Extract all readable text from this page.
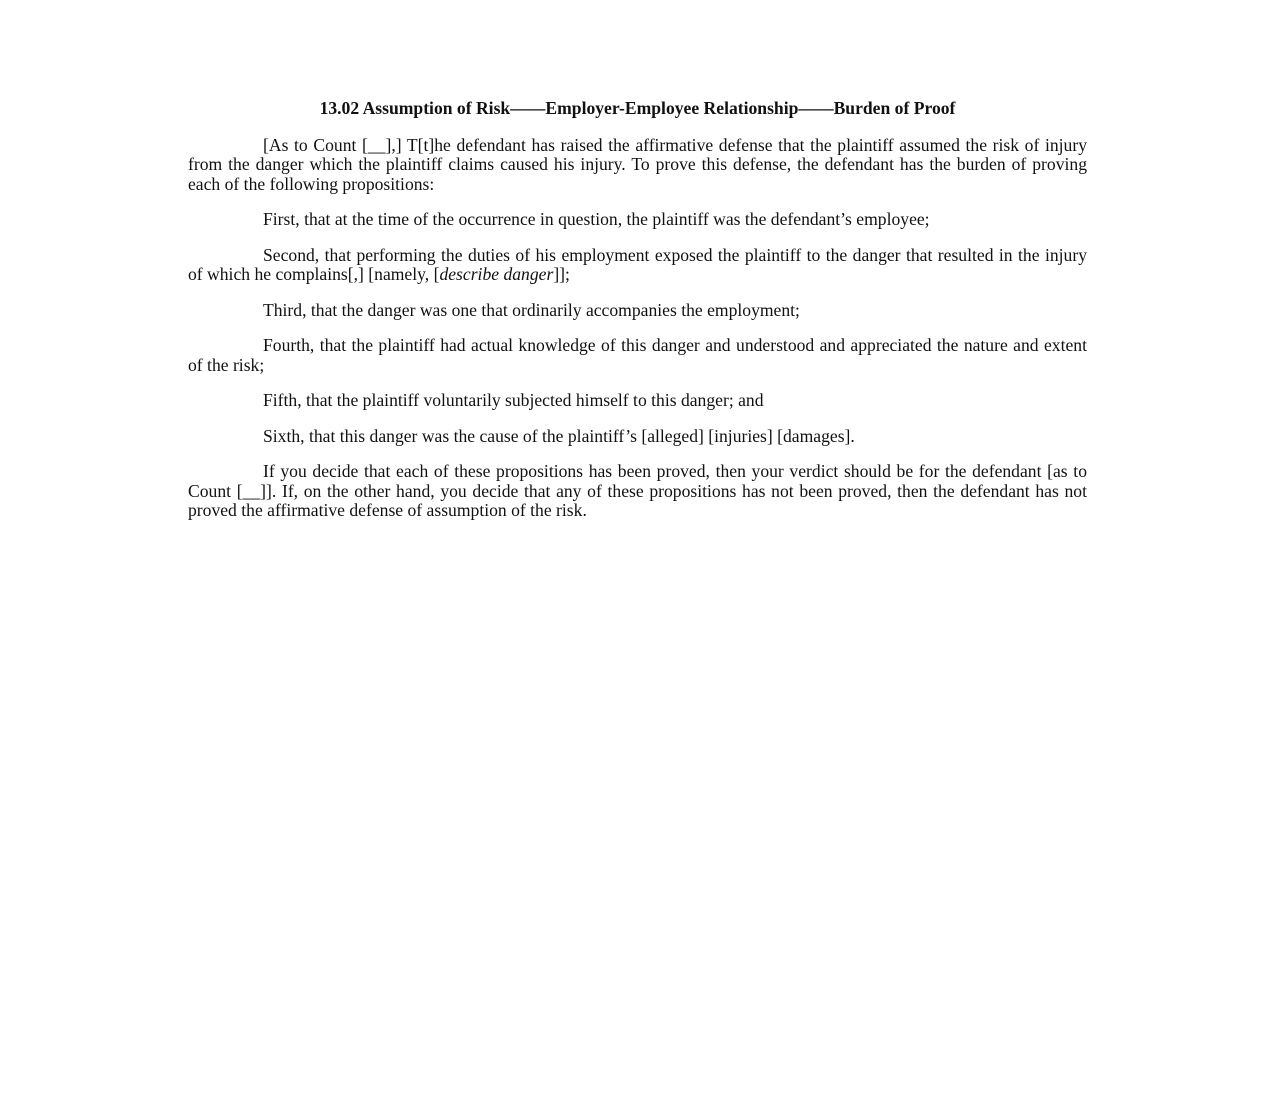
13.02 Assumption of Risk——Employer-Employee Relationship——Burden of Proof

[As to Count [__],] T[t]he defendant has raised the affirmative defense that the plaintiff assumed the risk of injury from the danger which the plaintiff claims caused his injury. To prove this defense, the defendant has the burden of proving each of the following propositions:

First, that at the time of the occurrence in question, the plaintiff was the defendant’s employee;

Second, that performing the duties of his employment exposed the plaintiff to the danger that resulted in the injury of which he complains[,] [namely, [describe danger]];

Third, that the danger was one that ordinarily accompanies the employment;

Fourth, that the plaintiff had actual knowledge of this danger and understood and appreciated the nature and extent of the risk;

Fifth, that the plaintiff voluntarily subjected himself to this danger; and

Sixth, that this danger was the cause of the plaintiff’s [alleged] [injuries] [damages].

If you decide that each of these propositions has been proved, then your verdict should be for the defendant [as to Count [__]]. If, on the other hand, you decide that any of these propositions has not been proved, then the defendant has not proved the affirmative defense of assumption of the risk.
